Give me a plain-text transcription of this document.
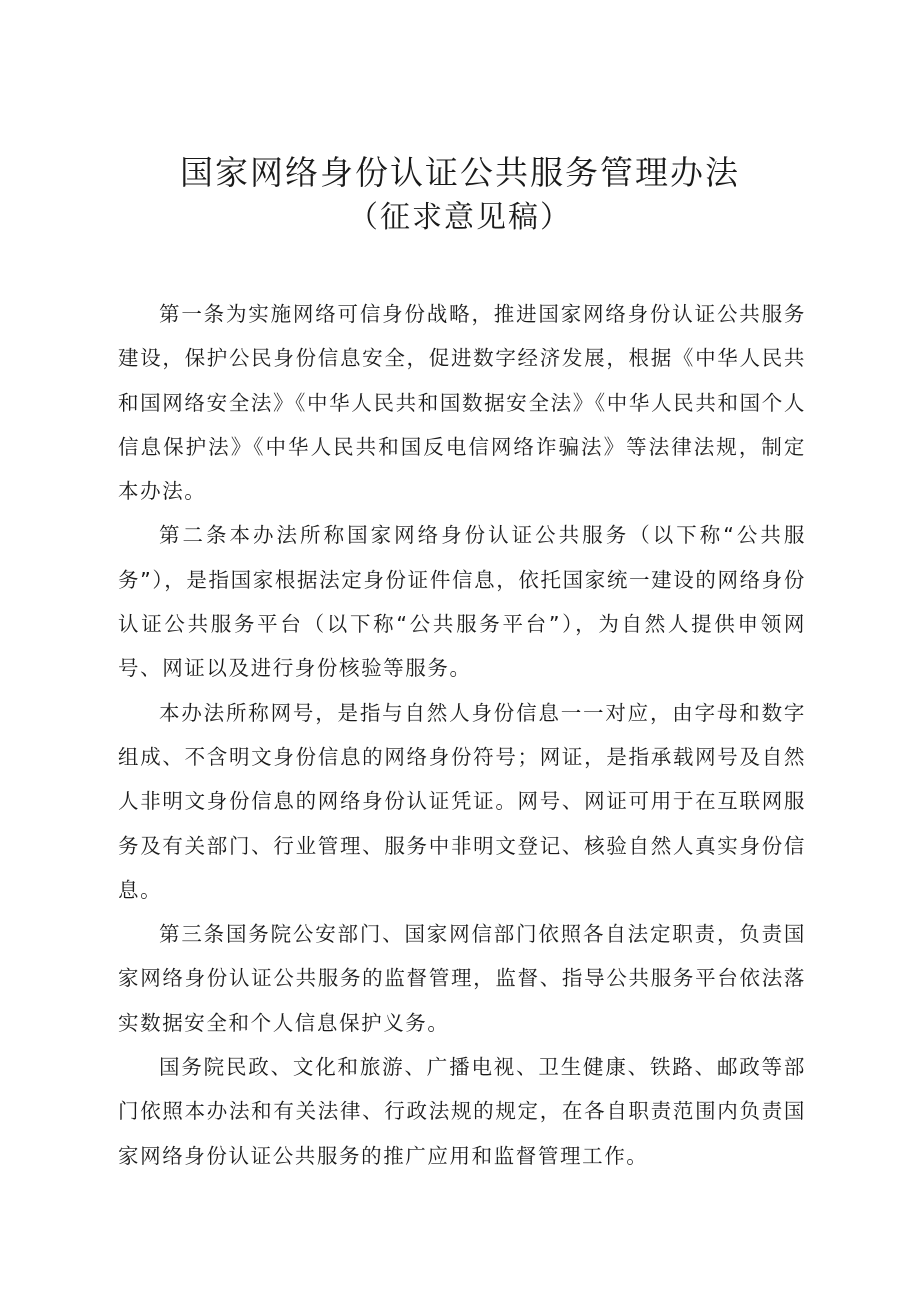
国家网络身份认证公共服务管理办法
（征求意见稿）

第一条为实施网络可信身份战略，推进国家网络身份认证公共服务建设，保护公民身份信息安全，促进数字经济发展，根据《中华人民共和国网络安全法》《中华人民共和国数据安全法》《中华人民共和国个人信息保护法》《中华人民共和国反电信网络诈骗法》等法律法规，制定本办法。

第二条本办法所称国家网络身份认证公共服务（以下称“公共服务”），是指国家根据法定身份证件信息，依托国家统一建设的网络身份认证公共服务平台（以下称“公共服务平台”），为自然人提供申领网号、网证以及进行身份核验等服务。

本办法所称网号，是指与自然人身份信息一一对应，由字母和数字组成、不含明文身份信息的网络身份符号；网证，是指承载网号及自然人非明文身份信息的网络身份认证凭证。网号、网证可用于在互联网服务及有关部门、行业管理、服务中非明文登记、核验自然人真实身份信息。

第三条国务院公安部门、国家网信部门依照各自法定职责，负责国家网络身份认证公共服务的监督管理，监督、指导公共服务平台依法落实数据安全和个人信息保护义务。

国务院民政、文化和旅游、广播电视、卫生健康、铁路、邮政等部门依照本办法和有关法律、行政法规的规定，在各自职责范围内负责国家网络身份认证公共服务的推广应用和监督管理工作。
